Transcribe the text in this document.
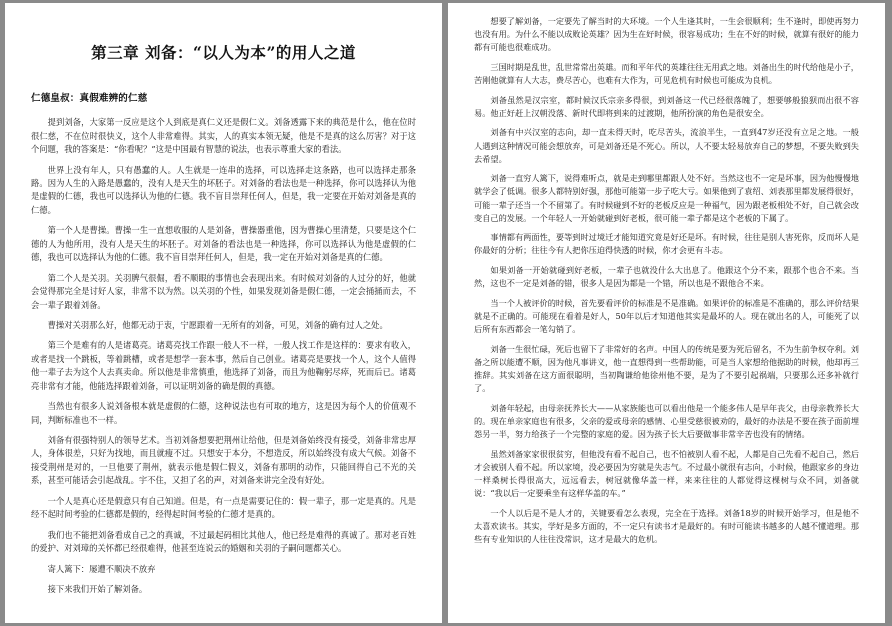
第三章 刘备：“以人为本”的用人之道
仁德皇叔：真假难辨的仁慈

提到刘备，大家第一反应是这个人到底是真仁义还是假仁义。刘备透露下来的典范是什么，他在位时很仁慈，不在位时很快义，这个人非常难得。其实，人的真实本领无疑，他是不是真的这么厉害？对于这个问题，我的答案是：“你看呢？”这是中国最有智慧的说法，也表示尊重大家的看法。

世界上没有年人，只有愚蠢的人。人生就是一连串的选择，可以选择走这条路，也可以选择走那条路。因为人生的入路是愚蠢的，没有人是天生的坏胚子。对刘备的看法也是一种选择，你可以选择认为他是虚假的仁德，我也可以选择认为他的仁德。我不盲目崇拜任何人，但是，我一定要在开始对刘备是真的仁德。

第一个人是曹操。曹操一生一直想收服的人是刘备，曹操器重他，因为曹操心里清楚，只要是这个仁德的人为他所用，没有人是天生的坏胚子。对刘备的看法也是一种选择，你可以选择认为他是虚假的仁德，我也可以选择认为他的仁德。我不盲目崇拜任何人，但是，我一定在开始对刘备是真的仁德。

第二个人是关羽。关羽脾气很倔，看不顺眼的事情也会表现出来。有时候对刘备的人过分的好，他就会觉得那完全是讨好人家，非常不以为然。以关羽的个性，如果发现刘备是假仁德，一定会捅捅而去，不会一辈子跟着刘备。

曹操对关羽那么好，他都无动于衷，宁愿跟着一无所有的刘备，可见，刘备的确有过人之处。

第三个是难有的人是诸葛亮。诸葛亮找工作跟一般人不一样，一般人找工作是这样的：要求有收入，或者是找一个跳板，等着跳槽，或者是想学一套本事，然后自己创业。诸葛亮是要找一个人，这个人值得他一辈子去为这个人去真卖命。所以他是非常慎重，他选择了刘备，而且为他鞠躬尽瘁，死而后已。诸葛亮非常有才能，他能选择跟着刘备，可以证明刘备的确是假的真德。

当然也有很多人说刘备根本就是虚假的仁德，这种说法也有可取的地方，这是因为每个人的价值观不同，判断标准也不一样。

刘备有很强特别人的领导艺术。当初刘备想要把荆州让给他，但是刘备始终没有接受，刘备非常忠厚人，身体很差，只好为找地，而且就瘦不过。只想安于本分，不想造反，所以始终没有成大气候。刘备不接受荆州是对的，一旦他要了荆州，就表示他是假仁假义，刘备有那明的动作，只能回得自己不光的关系，甚至可能话会引起战乱。宇不住，又担了名的声，对刘备来讲完全没有好处。

一个人是真心还是假意只有自己知道。但是，有一点是需要记住的：假一辈子，那一定是真的。凡是经不起时间考验的仁德都是假的，经得起时间考验的仁德才是真的。

我们也不能把刘备看成自己之的真诚，不过最起码相比其他人，他已经是难得的真诚了。那对老百姓的爱护、对刘璋的关怀都已经很难得，他甚至连说云的婚姻和关羽的子嗣问题都关心。

寄人篱下：屡遭不顺决不放弃

接下来我们开始了解刘备。

想要了解刘备，一定要先了解当时的大环境。一个人生逢其时，一生会很顺利；生不逢时，即使再努力也没有用。为什么不能以成败论英雄？因为生在好时候，很容易成功；生在不好的时候，就算有很好的能力都有可能也很难成功。

三国时期是乱世，乱世常常出英雄。而和平年代的英雄往往无用武之地。刘备出生的时代给他是小子，苦刚他就算有人大志，费尽苦心，也难有大作为，可见危机有时候也可能成为良机。

刘备虽然是汉宗室，都时候汉氏宗亲多得很，到刘备这一代已经很落魄了，想要够般狼狈而出很不容易。他正好赶上汉朝没落、新时代即将到来的过渡期，他所扮演的角色是很安全。

刘备有中兴汉室的志向，却一直未得天时，吃尽苦头，流浪半生，一直到47岁还没有立足之地。一般人遇到这种情况可能会想放弃，可是刘备还是不死心。所以，人不要太轻易放弃自己的梦想，不要失败到失去希望。

刘备一直穷人篱下，说得难听点，就是走到哪里都跟人处不好。当然这也不一定是坏事，因为他慢慢地就学会了低调。很多人都特别好强，那他可能第一步子吃大亏。如果他到了袁绍、刘表那里都发展得很好，可能一辈子还当一个不留第了。有时候碰到不好的老板反应是一种福气，因为跟老板相处不好，自己就会改变自己的发展。一个年轻人一开始就碰到好老板，很可能一辈子都是这个老板的下属了。

事情都有两面性，要等到时过境迁才能知道究竟是好还是坏。有时候，往往是别人害死你，反而坏人是你最好的分析；往往今有人把你压迫得快透的时候，你才会更有斗志。

如果刘备一开始就碰到好老板，一辈子也就没什么大出息了。他跟这个分不来，跟那个也合不来。当然，这也不一定是刘备的错，很多人是因为都是一个错，所以也是不跟他合不来。

当一个人被评价的时候，首先要看评价的标准是不是准确。如果评价的标准是不准确的，那么评价结果就是不正确的。可能现在看着是好人，50年以后才知道他其实是最坏的人。现在就出名的人，可能死了以后所有东西都会一笔勾销了。

刘备一生很忙碌，死后也留下了非常好的名声。中国人的传统是要为死后留名，不为生前争权夺利。刘备之所以能遭不顺，因为他凡事讲义，他一直想得到一些帮助能，可是当人家想给他据助的时候，他却再三推辞。其实刘备在这方面很聪明，当初陶谦给他徐州他不要，是为了不要引起祸端，只要那么还多补就行了。

刘备年轻起，由母亲抚养长大——从家族能也可以看出他是一个能多伟人是早年丧父，由母亲教养长大的。现在单亲家庭也有很多，父亲的爱或母亲的感情、心里受慈很被劝的，最好的办法是不要在孩子面前埋怨另一半，努力给孩子一个完整的家庭的爱。因为孩子长大后要做事非常辛苦也没有的情绪。

虽然刘备家家很很贫穷，但他没有看不起自己，也不怕被别人看不起，人都是自己先看不起自己，然后才会被别人看不起。所以家境，没必要因为穷就是失志气。不过最小就很有志向，小时候，他跟家乡的身边一样桑树长得很高大，远远看去，树冠就像华盖一样，来来往往的人都觉得这棵树与众不同，刘备就说：“我以后一定要乘坐有这样华盖的车。”

一个人以后是不是人才的，关键要看怎么表现，完全在于选择。刘备18岁的时候开始学习，但是他不太喜欢读书。其实，学好是多方面的，不一定只有读书才是最好的。有时可能读书越多的人越不懂道理。那些有专业知识的人往往没常识，这才是最大的危机。
